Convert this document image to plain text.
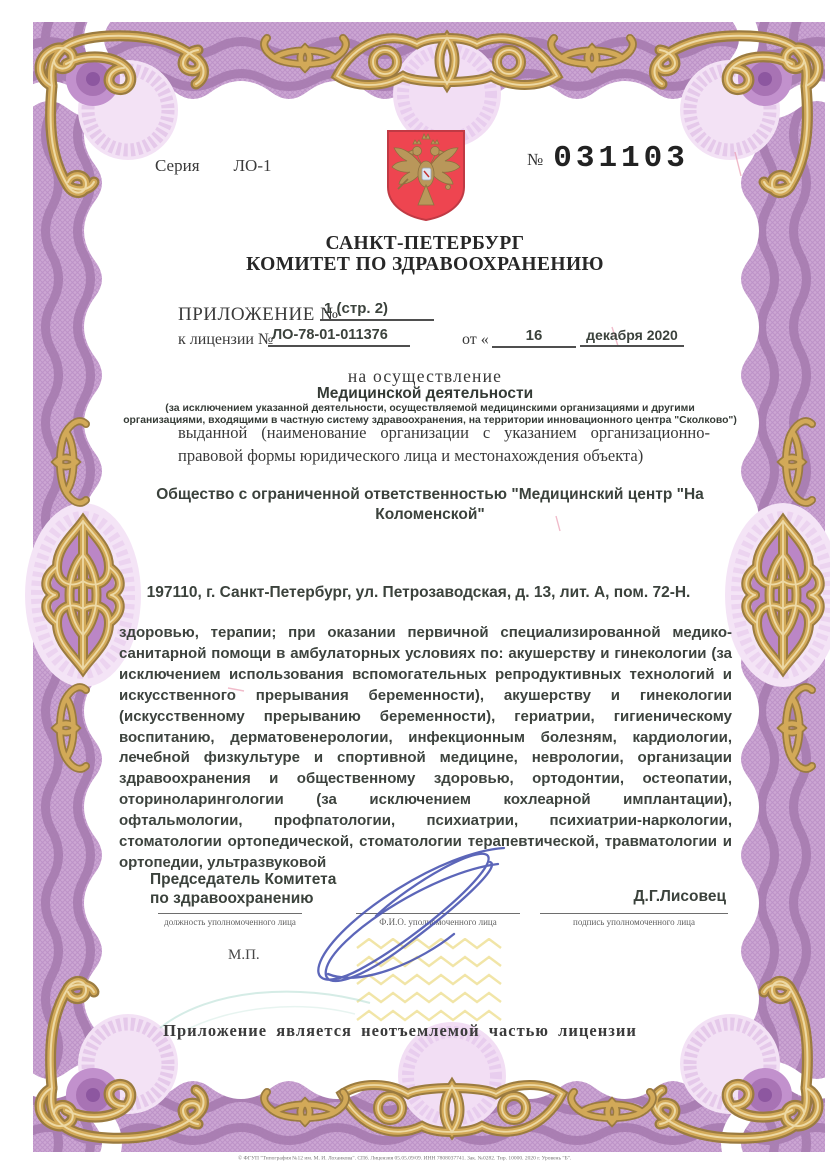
Серия ЛО-1	№ 031103
САНКТ-ПЕТЕРБУРГ
КОМИТЕТ ПО ЗДРАВООХРАНЕНИЮ
ПРИЛОЖЕНИЕ №
1 (стр. 2)
к лицензии №
ЛО-78-01-011376	от «	16	декабря 2020
на осуществление
Медицинской деятельности
(за исключением указанной деятельности, осуществляемой медицинскими организациями и другими организациями, входящими в частную систему здравоохранения, на территории инновационного центра "Сколково")
выданной (наименование организации с указанием организационно-правовой формы юридического лица и местонахождения объекта)
Общество с ограниченной ответственностью "Медицинский центр "На Коломенской"
197110, г. Санкт-Петербург, ул. Петрозаводская, д. 13, лит. А, пом. 72-Н.
здоровью, терапии; при оказании первичной специализированной медико-санитарной помощи в амбулаторных условиях по: акушерству и гинекологии (за исключением использования вспомогательных репродуктивных технологий и искусственного прерывания беременности), акушерству и гинекологии (искусственному прерыванию беременности), гериатрии, гигиеническому воспитанию, дерматовенерологии, инфекционным болезням, кардиологии, лечебной физкультуре и спортивной медицине, неврологии, организации здравоохранения и общественному здоровью, ортодонтии, остеопатии, оториноларингологии (за исключением кохлеарной имплантации), офтальмологии, профпатологии, психиатрии, психиатрии-наркологии, стоматологии ортопедической, стоматологии терапевтической, травматологии и ортопедии, ультразвуковой
Председатель Комитета
по здравоохранению	Д.Г.Лисовец
должность уполномоченного лица	Ф.И.О. уполномоченного лица	подпись уполномоченного лица
М.П.
Приложение является неотъемлемой частью лицензии
© ФГУП "Типография №12 им. М. И. Лоханкова". СПб. Лицензия 05.05.09/09. ИНН 7808037741. Зак. №0282. Тир. 10000. 2020 г. Уровень "Б".
